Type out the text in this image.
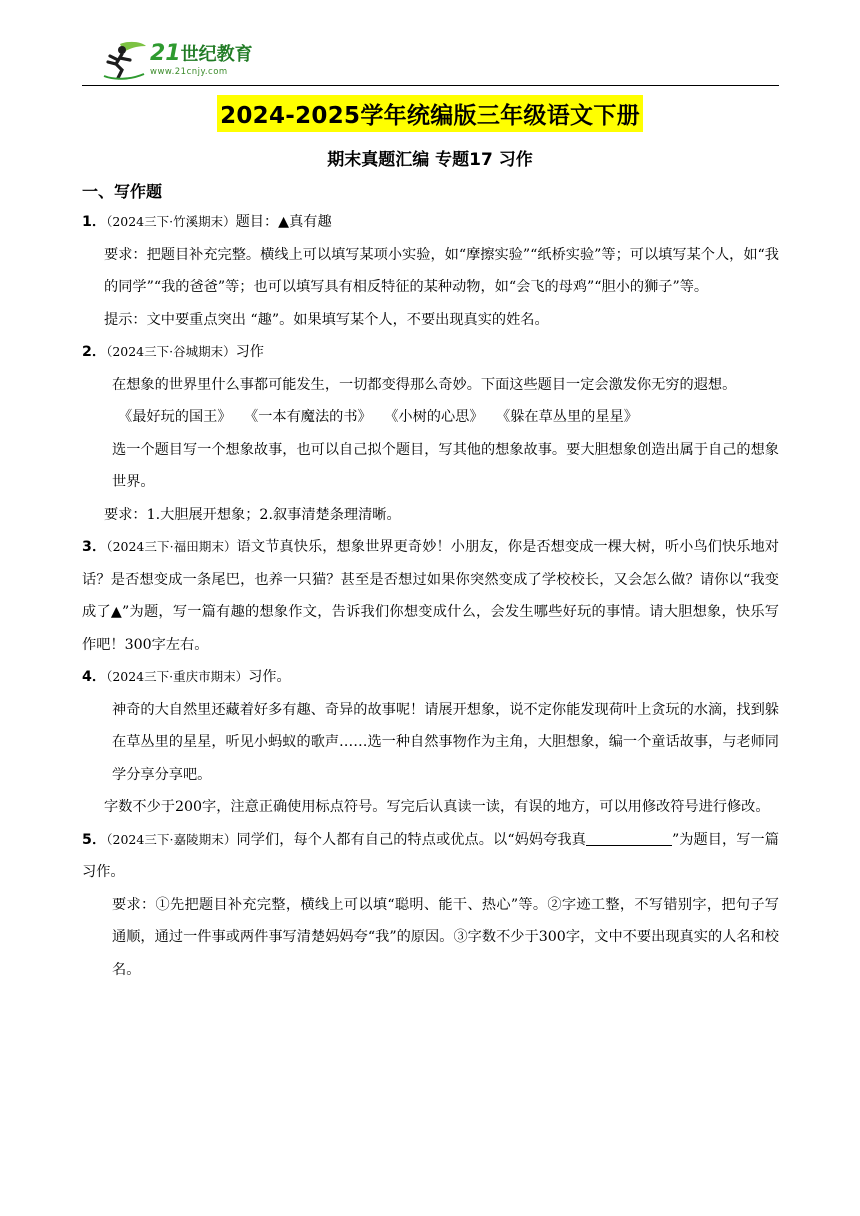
21世纪教育
www.21cnjy.com
2024-2025学年统编版三年级语文下册
期末真题汇编 专题17 习作
一、写作题

1．（2024三下·竹溪期末）题目：▲真有趣

要求：把题目补充完整。横线上可以填写某项小实验，如“摩擦实验”“纸桥实验”等；可以填写某个人，如“我的同学”“我的爸爸”等；也可以填写具有相反特征的某种动物，如“会飞的母鸡”“胆小的狮子”等。

提示：文中要重点突出 “趣”。如果填写某个人，不要出现真实的姓名。

2．（2024三下·谷城期末）习作

在想象的世界里什么事都可能发生，一切都变得那么奇妙。下面这些题目一定会激发你无穷的遐想。

《最好玩的国王》 《一本有魔法的书》 《小树的心思》 《躲在草丛里的星星》

选一个题目写一个想象故事，也可以自己拟个题目，写其他的想象故事。要大胆想象创造出属于自己的想象世界。

要求：1.大胆展开想象；2.叙事清楚条理清晰。

3．（2024三下·福田期末）语文节真快乐，想象世界更奇妙！小朋友，你是否想变成一棵大树，听小鸟们快乐地对话？是否想变成一条尾巴，也养一只猫？甚至是否想过如果你突然变成了学校校长，又会怎么做？请你以“我变成了▲”为题，写一篇有趣的想象作文，告诉我们你想变成什么，会发生哪些好玩的事情。请大胆想象，快乐写作吧！300字左右。

4．（2024三下·重庆市期末）习作。

神奇的大自然里还藏着好多有趣、奇异的故事呢！请展开想象，说不定你能发现荷叶上贪玩的水滴，找到躲在草丛里的星星，听见小蚂蚁的歌声……选一种自然事物作为主角，大胆想象，编一个童话故事，与老师同学分享分享吧。

字数不少于200字，注意正确使用标点符号。写完后认真读一读，有误的地方，可以用修改符号进行修改。

5．（2024三下·嘉陵期末）同学们，每个人都有自己的特点或优点。以“妈妈夸我真	”为题目，写一篇习作。

要求：①先把题目补充完整，横线上可以填“聪明、能干、热心”等。②字迹工整，不写错别字，把句子写通顺，通过一件事或两件事写清楚妈妈夸“我”的原因。③字数不少于300字，文中不要出现真实的人名和校名。
